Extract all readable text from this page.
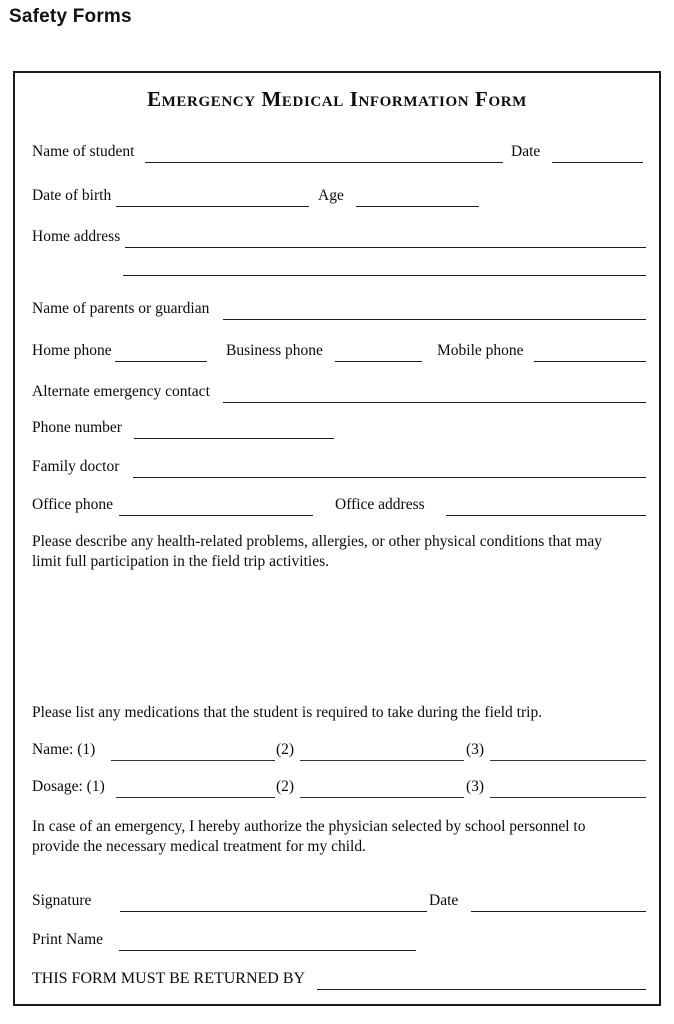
Safety Forms
Emergency Medical Information Form
Name of student	Date
Date of birth	Age
Home address
Name of parents or guardian
Home phone	Business phone	Mobile phone
Alternate emergency contact
Phone number
Family doctor
Office phone	Office address
Please describe any health-related problems, allergies, or other physical conditions that may limit full participation in the field trip activities.
Please list any medications that the student is required to take during the field trip.
Name: (1)	(2)	(3)
Dosage: (1)	(2)	(3)
In case of an emergency, I hereby authorize the physician selected by school personnel to provide the necessary medical treatment for my child.
Signature	Date
Print Name
THIS FORM MUST BE RETURNED BY
